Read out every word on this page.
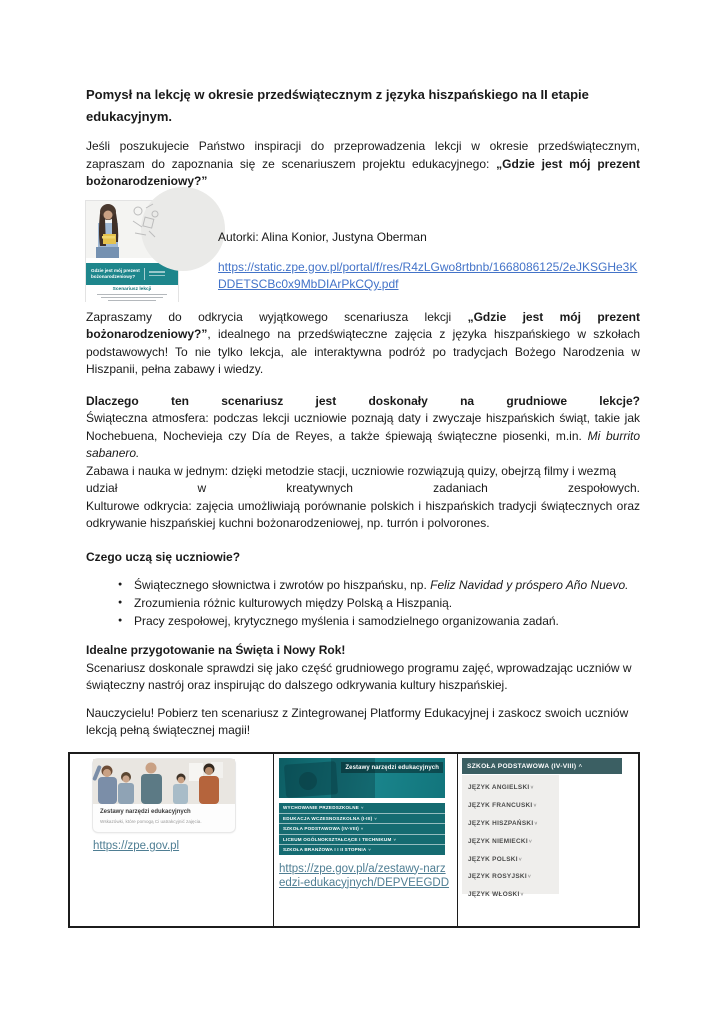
Pomysł na lekcję w okresie przedświątecznym z języka hiszpańskiego na II etapie edukacyjnym.

Jeśli poszukujecie Państwo inspiracji do przeprowadzenia lekcji w okresie przedświątecznym, zapraszam do zapoznania się ze scenariuszem projektu edukacyjnego: „Gdzie jest mój prezent bożonarodzeniowy?”

Gdzie jest mój prezent
bożonarodzeniowy?
Scenariusz lekcji
Autorki: Alina Konior, Justyna Oberman
https://static.zpe.gov.pl/portal/f/res/R4zLGwo8rtbnb/1668086125/2eJKSGHe3KDDETSCBc0x9MbDIArPkCQy.pdf

Zapraszamy do odkrycia wyjątkowego scenariusza lekcji „Gdzie jest mój prezent bożonarodzeniowy?”, idealnego na przedświąteczne zajęcia z języka hiszpańskiego w szkołach podstawowych! To nie tylko lekcja, ale interaktywna podróż po tradycjach Bożego Narodzenia w Hiszpanii, pełna zabawy i wiedzy.

Dlaczego ten scenariusz jest doskonały na grudniowe lekcje?
Świąteczna atmosfera: podczas lekcji uczniowie poznają daty i zwyczaje hiszpańskich świąt, takie jak Nochebuena, Nochevieja czy Día de Reyes, a także śpiewają świąteczne piosenki, m.in. Mi burrito sabanero.
Zabawa i nauka w jednym: dzięki metodzie stacji, uczniowie rozwiązują quizy, obejrzą filmy i wezmą
udział w kreatywnych zadaniach zespołowych.
Kulturowe odkrycia: zajęcia umożliwiają porównanie polskich i hiszpańskich tradycji świątecznych oraz odkrywanie hiszpańskiej kuchni bożonarodzeniowej, np. turrón i polvorones.
Czego uczą się uczniowie?
● Świątecznego słownictwa i zwrotów po hiszpańsku, np. Feliz Navidad y próspero Año Nuevo.
● Zrozumienia różnic kulturowych między Polską a Hiszpanią.
● Pracy zespołowej, krytycznego myślenia i samodzielnego organizowania zadań.
Idealne przygotowanie na Święta i Nowy Rok!
Scenariusz doskonale sprawdzi się jako część grudniowego programu zajęć, wprowadzając uczniów w świąteczny nastrój oraz inspirując do dalszego odkrywania kultury hiszpańskiej.

Nauczycielu! Pobierz ten scenariusz z Zintegrowanej Platformy Edukacyjnej i zaskocz swoich uczniów lekcją pełną świątecznej magii!

Zestawy narzędzi edukacyjnych
Wskazówki, które pomogą Ci uatrakcyjnić zajęcia.
https://zpe.gov.pl
Zestawy narzędzi edukacyjnych
WYCHOWANIE PRZEDSZKOLNE ˅
EDUKACJA WCZESNOSZKOLNA (I-III) ˅
SZKOŁA PODSTAWOWA (IV-VIII) ˅
LICEUM OGÓLNOKSZTAŁCĄCE I TECHNIKUM ˅
SZKOŁA BRANŻOWA I I II STOPNIA ˅
https://zpe.gov.pl/a/zestawy-narzedzi-edukacyjnych/DEPVEEGDD
SZKOŁA PODSTAWOWA (IV-VIII) ˄
JĘZYK ANGIELSKI˅
JĘZYK FRANCUSKI˅
JĘZYK HISZPAŃSKI˅
JĘZYK NIEMIECKI˅
JĘZYK POLSKI˅
JĘZYK ROSYJSKI˅
JĘZYK WŁOSKI˅
